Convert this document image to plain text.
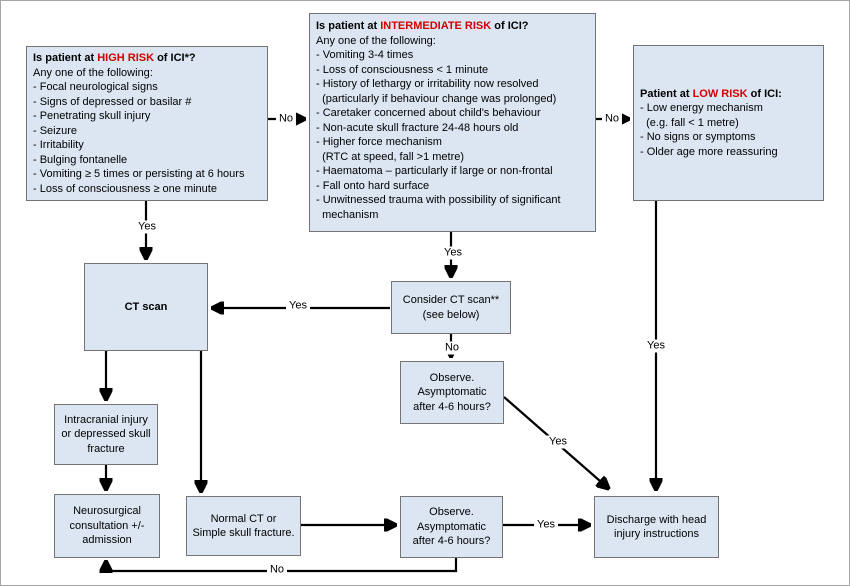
Is patient at HIGH RISK of ICI*?
Any one of the following:
- Focal neurological signs
- Signs of depressed or basilar #
- Penetrating skull injury
- Seizure
- Irritability
- Bulging fontanelle
- Vomiting ≥ 5 times or persisting at 6 hours
- Loss of consciousness ≥ one minute
Is patient at INTERMEDIATE RISK of ICI?
Any one of the following:
- Vomiting 3-4 times
- Loss of consciousness < 1 minute
- History of lethargy or irritability now resolved
(particularly if behaviour change was prolonged)
- Caretaker concerned about child's behaviour
- Non-acute skull fracture 24-48 hours old
- Higher force mechanism
(RTC at speed, fall >1 metre)
- Haematoma – particularly if large or non-frontal
- Fall onto hard surface
- Unwitnessed trauma with possibility of significant
mechanism
Patient at LOW RISK of ICI:
- Low energy mechanism
(e.g. fall < 1 metre)
- No signs or symptoms
- Older age more reassuring
CT scan
Consider CT scan**
(see below)
Observe.
Asymptomatic
after 4-6 hours?
Intracranial injury
or depressed skull
fracture
Neurosurgical
consultation +/-
admission
Normal CT or
Simple skull fracture.
Observe.
Asymptomatic
after 4-6 hours?
Discharge with head
injury instructions
No	No
Yes
Yes
Yes
No
Yes
Yes
Yes
No
